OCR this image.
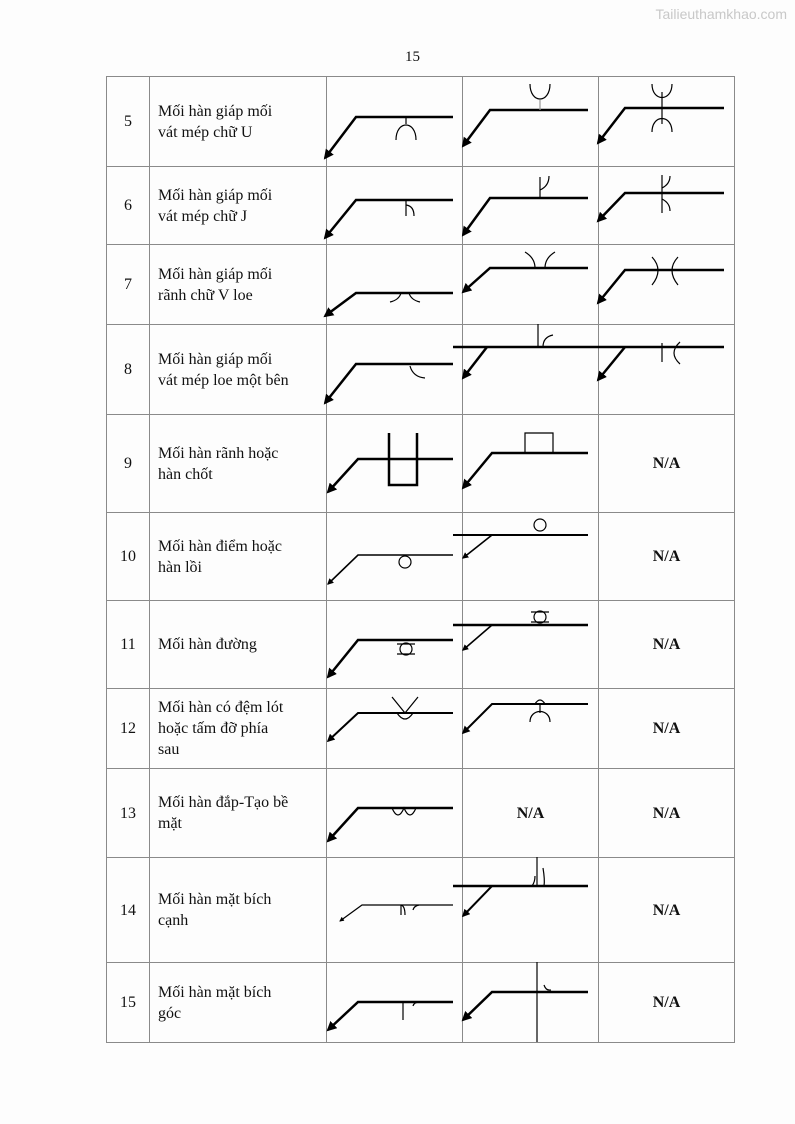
Tailieuthamkhao.com
15
5	Mối hàn giáp mối
vát mép chữ U			

6	Mối hàn giáp mối
vát mép chữ J			

7	Mối hàn giáp mối
rãnh chữ V loe			

8	Mối hàn giáp mối
vát mép loe một bên			

9	Mối hàn rãnh hoặc
hàn chốt			N/A
10	Mối hàn điểm hoặc
hàn lồi			N/A
11	Mối hàn đường			N/A
12	Mối hàn có đệm lót
hoặc tấm đỡ phía
sau			N/A
13	Mối hàn đắp-Tạo bề
mặt		N/A	N/A
14	Mối hàn mặt bích
cạnh			N/A
15	Mối hàn mặt bích
góc			N/A
